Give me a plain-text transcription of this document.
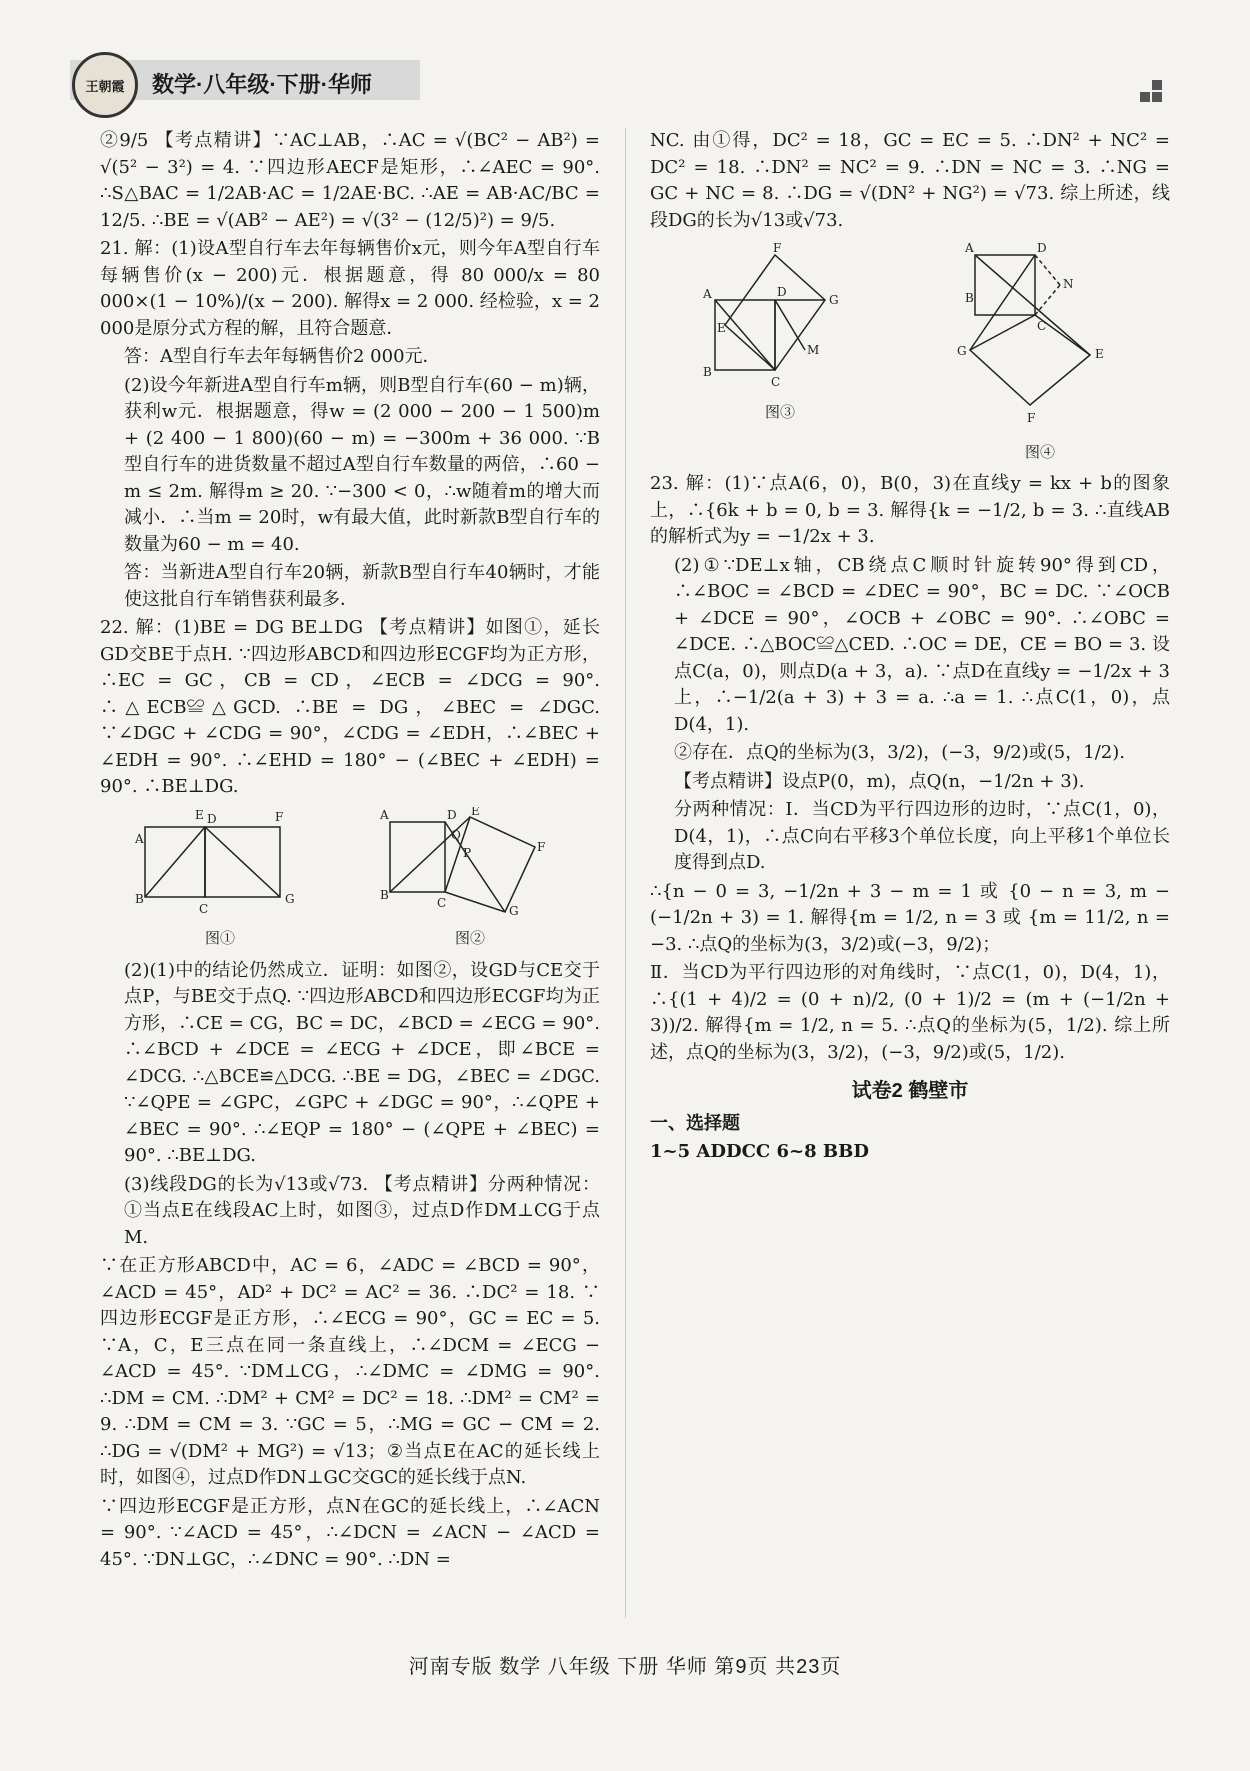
王朝霞 数学·八年级·下册·华师

②9/5 【考点精讲】∵AC⊥AB，∴AC = √(BC² − AB²) = √(5² − 3²) = 4. ∵四边形AECF是矩形，∴∠AEC = 90°. ∴S△BAC = 1/2AB·AC = 1/2AE·BC. ∴AE = AB·AC/BC = 12/5. ∴BE = √(AB² − AE²) = √(3² − (12/5)²) = 9/5.

21. 解：(1)设A型自行车去年每辆售价x元，则今年A型自行车每辆售价(x − 200)元．根据题意，得 80 000/x = 80 000×(1 − 10%)/(x − 200). 解得x = 2 000. 经检验，x = 2 000是原分式方程的解，且符合题意．

答：A型自行车去年每辆售价2 000元．

(2)设今年新进A型自行车m辆，则B型自行车(60 − m)辆，获利w元．根据题意，得w = (2 000 − 200 − 1 500)m + (2 400 − 1 800)(60 − m) = −300m + 36 000. ∵B型自行车的进货数量不超过A型自行车数量的两倍，∴60 − m ≤ 2m. 解得m ≥ 20. ∵−300 < 0，∴w随着m的增大而减小．∴当m = 20时，w有最大值，此时新款B型自行车的数量为60 − m = 40.

答：当新进A型自行车20辆，新款B型自行车40辆时，才能使这批自行车销售获利最多．

22. 解：(1)BE = DG BE⊥DG 【考点精讲】如图①，延长GD交BE于点H. ∵四边形ABCD和四边形ECGF均为正方形，∴EC = GC，CB = CD，∠ECB = ∠DCG = 90°. ∴△ECB≌△GCD. ∴BE = DG，∠BEC = ∠DGC. ∵∠DGC + ∠CDG = 90°，∠CDG = ∠EDH，∴∠BEC + ∠EDH = 90°. ∴∠EHD = 180° − (∠BEC + ∠EDH) = 90°. ∴BE⊥DG.

A
B
C
D
E	F
G
图①
A
B
C
D E
F
G
P
Q
图②

(2)(1)中的结论仍然成立．证明：如图②，设GD与CE交于点P，与BE交于点Q. ∵四边形ABCD和四边形ECGF均为正方形，∴CE = CG，BC = DC，∠BCD = ∠ECG = 90°. ∴∠BCD + ∠DCE = ∠ECG + ∠DCE，即∠BCE = ∠DCG. ∴△BCE≌△DCG. ∴BE = DG，∠BEC = ∠DGC. ∵∠QPE = ∠GPC，∠GPC + ∠DGC = 90°，∴∠QPE + ∠BEC = 90°. ∴∠EQP = 180° − (∠QPE + ∠BEC) = 90°. ∴BE⊥DG.

(3)线段DG的长为√13或√73. 【考点精讲】分两种情况：①当点E在线段AC上时，如图③，过点D作DM⊥CG于点M.

∵在正方形ABCD中，AC = 6，∠ADC = ∠BCD = 90°，∠ACD = 45°，AD² + DC² = AC² = 36. ∴DC² = 18. ∵四边形ECGF是正方形，∴∠ECG = 90°，GC = EC = 5. ∵A，C，E三点在同一条直线上，∴∠DCM = ∠ECG − ∠ACD = 45°. ∵DM⊥CG，∴∠DMC = ∠DMG = 90°. ∴DM = CM. ∴DM² + CM² = DC² = 18. ∴DM² = CM² = 9. ∴DM = CM = 3. ∵GC = 5，∴MG = GC − CM = 2. ∴DG = √(DM² + MG²) = √13；②当点E在AC的延长线上时，如图④，过点D作DN⊥GC交GC的延长线于点N.

∵四边形ECGF是正方形，点N在GC的延长线上，∴∠ACN = 90°. ∵∠ACD = 45°，∴∠DCN = ∠ACN − ∠ACD = 45°. ∵DN⊥GC，∴∠DNC = 90°. ∴DN =

NC. 由①得，DC² = 18，GC = EC = 5. ∴DN² + NC² = DC² = 18. ∴DN² = NC² = 9. ∴DN = NC = 3. ∴NG = GC + NC = 8. ∴DG = √(DN² + NG²) = √73. 综上所述，线段DG的长为√13或√73.

A
B
C
D
E
F
G
M
图③
A	D
B
C
N
G	E
F
图④

23. 解：(1)∵点A(6，0)，B(0，3)在直线y = kx + b的图象上，∴{6k + b = 0, b = 3. 解得{k = −1/2, b = 3. ∴直线AB的解析式为y = −1/2x + 3.

(2)①∵DE⊥x轴，CB绕点C顺时针旋转90°得到CD，∴∠BOC = ∠BCD = ∠DEC = 90°，BC = DC. ∵∠OCB + ∠DCE = 90°，∠OCB + ∠OBC = 90°. ∴∠OBC = ∠DCE. ∴△BOC≌△CED. ∴OC = DE，CE = BO = 3. 设点C(a，0)，则点D(a + 3，a). ∵点D在直线y = −1/2x + 3上，∴−1/2(a + 3) + 3 = a. ∴a = 1. ∴点C(1，0)，点D(4，1).

②存在．点Q的坐标为(3，3/2)，(−3，9/2)或(5，1/2).

【考点精讲】设点P(0，m)，点Q(n，−1/2n + 3).

分两种情况：Ⅰ．当CD为平行四边形的边时，∵点C(1，0)，D(4，1)，∴点C向右平移3个单位长度，向上平移1个单位长度得到点D.

∴{n − 0 = 3, −1/2n + 3 − m = 1 或 {0 − n = 3, m − (−1/2n + 3) = 1. 解得{m = 1/2, n = 3 或 {m = 11/2, n = −3. ∴点Q的坐标为(3，3/2)或(−3，9/2)；

Ⅱ．当CD为平行四边形的对角线时，∵点C(1，0)，D(4，1)，∴{(1 + 4)/2 = (0 + n)/2, (0 + 1)/2 = (m + (−1/2n + 3))/2. 解得{m = 1/2, n = 5. ∴点Q的坐标为(5，1/2). 综上所述，点Q的坐标为(3，3/2)，(−3，9/2)或(5，1/2).

试卷2 鹤壁市

一、选择题

1~5 ADDCC 6~8 BBD

河南专版 数学 八年级 下册 华师 第9页 共23页
